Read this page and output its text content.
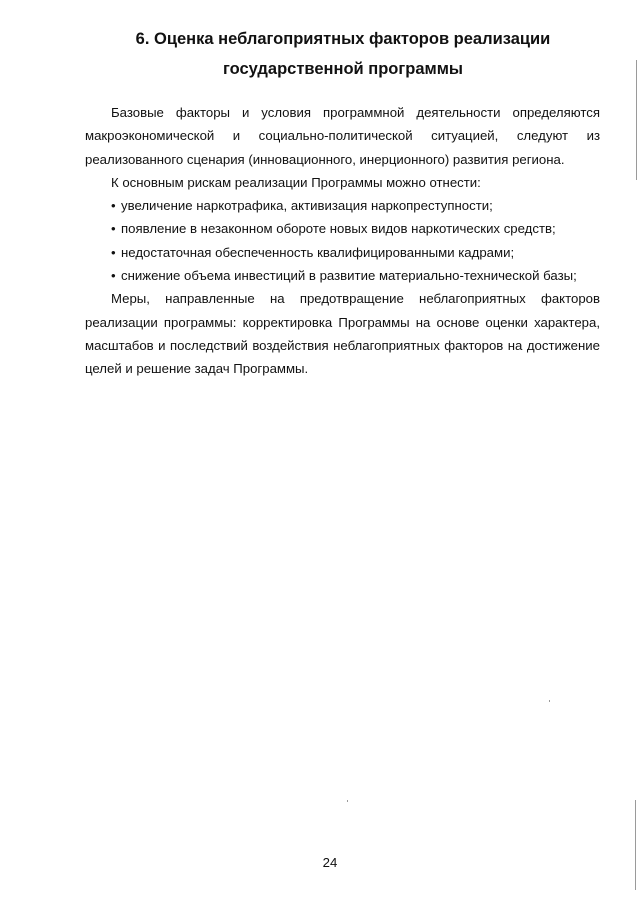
6. Оценка неблагоприятных факторов реализации государственной программы

Базовые факторы и условия программной деятельности определяются макроэкономической и социально-политической ситуацией, следуют из реализованного сценария (инновационного, инерционного) развития региона.

К основным рискам реализации Программы можно отнести:

• увеличение наркотрафика, активизация наркопреступности;
• появление в незаконном обороте новых видов наркотических средств;
• недостаточная обеспеченность квалифицированными кадрами;
• снижение объема инвестиций в развитие материально-технической базы;

Меры, направленные на предотвращение неблагоприятных факторов реализации программы: корректировка Программы на основе оценки характера, масштабов и последствий воздействия неблагоприятных факторов на достижение целей и решение задач Программы.

24
